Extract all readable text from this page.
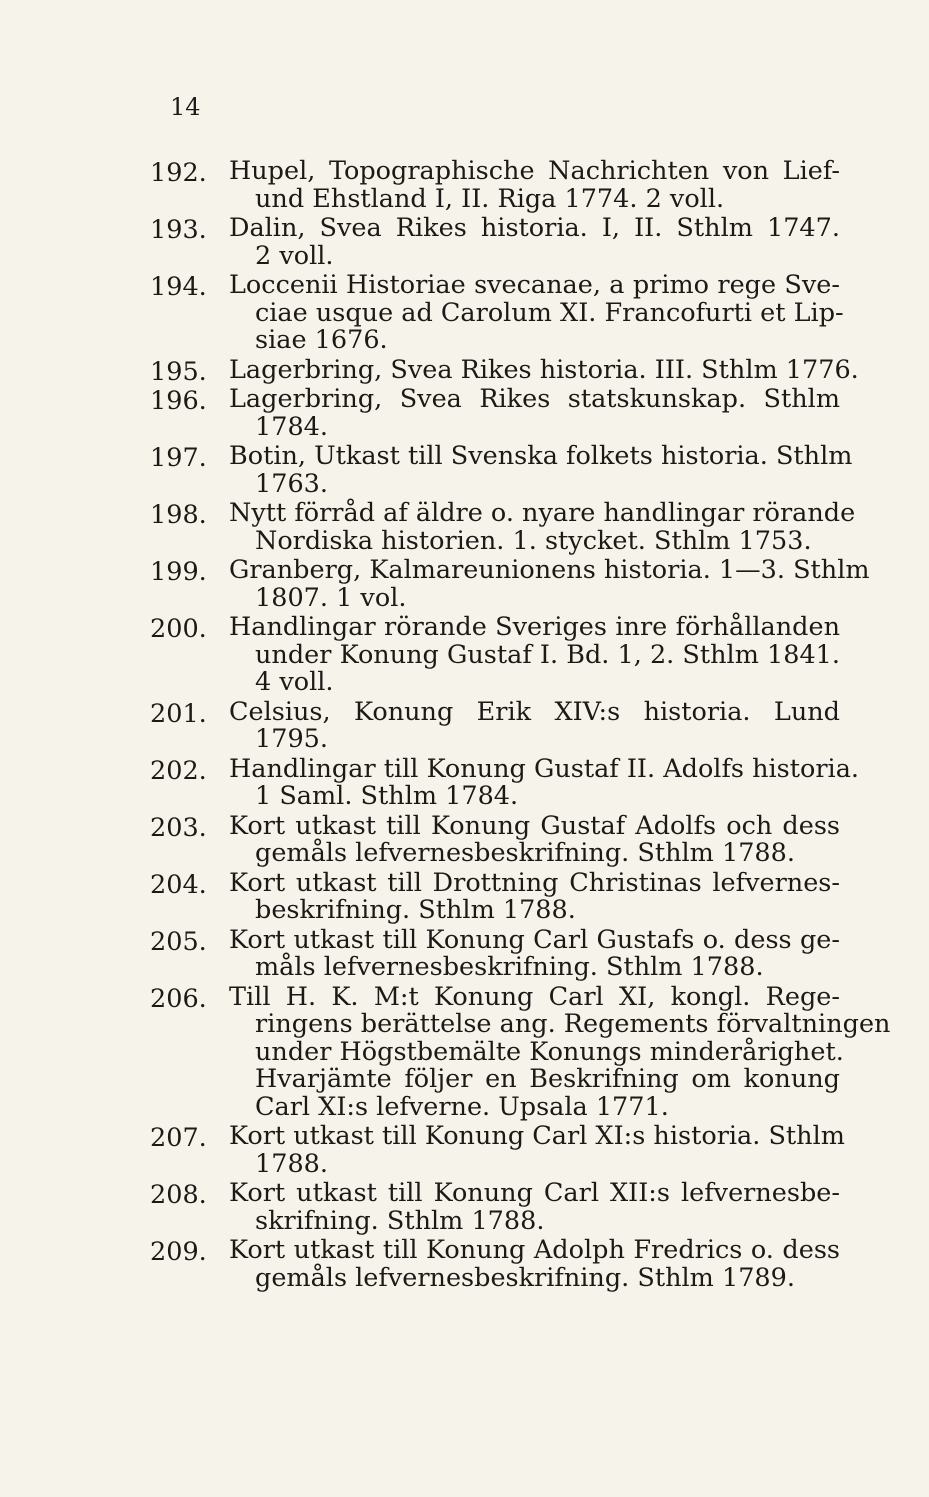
14
192. Hupel, Topographische Nachrichten von Lief-
und Ehstland I, II. Riga 1774. 2 voll.
193. Dalin, Svea Rikes historia. I, II. Sthlm 1747.
2 voll.
194. Loccenii Historiae svecanae, a primo rege Sve-
ciae usque ad Carolum XI. Francofurti et Lip-
siae 1676.
195. Lagerbring, Svea Rikes historia. III. Sthlm 1776.
196. Lagerbring, Svea Rikes statskunskap. Sthlm
1784.
197. Botin, Utkast till Svenska folkets historia. Sthlm
1763.
198. Nytt förråd af äldre o. nyare handlingar rörande
Nordiska historien. 1. stycket. Sthlm 1753.
199. Granberg, Kalmareunionens historia. 1—3. Sthlm
1807. 1 vol.
200. Handlingar rörande Sveriges inre förhållanden
under Konung Gustaf I. Bd. 1, 2. Sthlm 1841.
4 voll.
201. Celsius, Konung Erik XIV:s historia. Lund
1795.
202. Handlingar till Konung Gustaf II. Adolfs historia.
1 Saml. Sthlm 1784.
203. Kort utkast till Konung Gustaf Adolfs och dess
gemåls lefvernesbeskrifning. Sthlm 1788.
204. Kort utkast till Drottning Christinas lefvernes-
beskrifning. Sthlm 1788.
205. Kort utkast till Konung Carl Gustafs o. dess ge-
måls lefvernesbeskrifning. Sthlm 1788.
206. Till H. K. M:t Konung Carl XI, kongl. Rege-
ringens berättelse ang. Regements förvaltningen
under Högstbemälte Konungs minderårighet.
Hvarjämte följer en Beskrifning om konung
Carl XI:s lefverne. Upsala 1771.
207. Kort utkast till Konung Carl XI:s historia. Sthlm
1788.
208. Kort utkast till Konung Carl XII:s lefvernesbe-
skrifning. Sthlm 1788.
209. Kort utkast till Konung Adolph Fredrics o. dess
gemåls lefvernesbeskrifning. Sthlm 1789.
